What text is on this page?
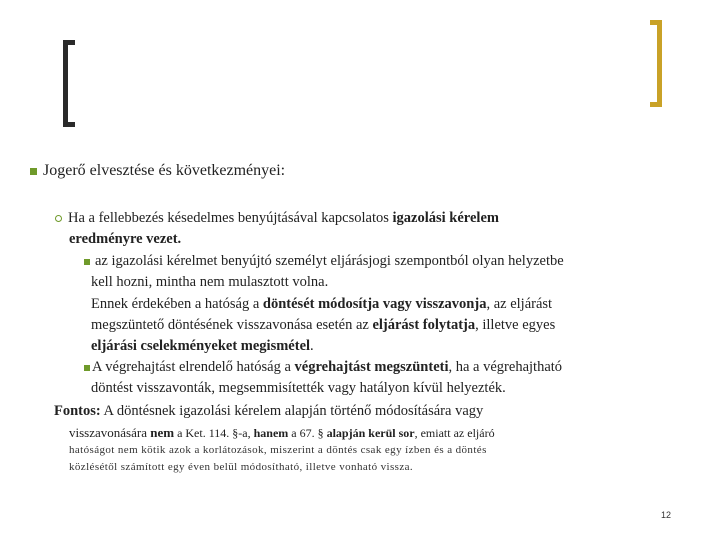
Jogerő elvesztése és következményei:
Ha a fellebbezés késedelmes benyújtásával kapcsolatos igazolási kérelem
eredményre vezet.
az igazolási kérelmet benyújtó személyt eljárásjogi szempontból olyan helyzetbe
kell hozni, mintha nem mulasztott volna.
Ennek érdekében a hatóság a döntését módosítja vagy visszavonja, az eljárást
megszüntető döntésének visszavonása esetén az eljárást folytatja, illetve egyes
eljárási cselekményeket megismétel.
A végrehajtást elrendelő hatóság a végrehajtást megszünteti, ha a végrehajtható
döntést visszavonták, megsemmisítették vagy hatályon kívül helyezték.
Fontos: A döntésnek igazolási kérelem alapján történő módosítására vagy
visszavonására nem a Ket. 114. §-a, hanem a 67. § alapján kerül sor, emiatt az eljáró
hatóságot nem kötik azok a korlátozások, miszerint a döntés csak egy ízben és a döntés
közlésétől számított egy éven belül módosítható, illetve vonható vissza.
12
